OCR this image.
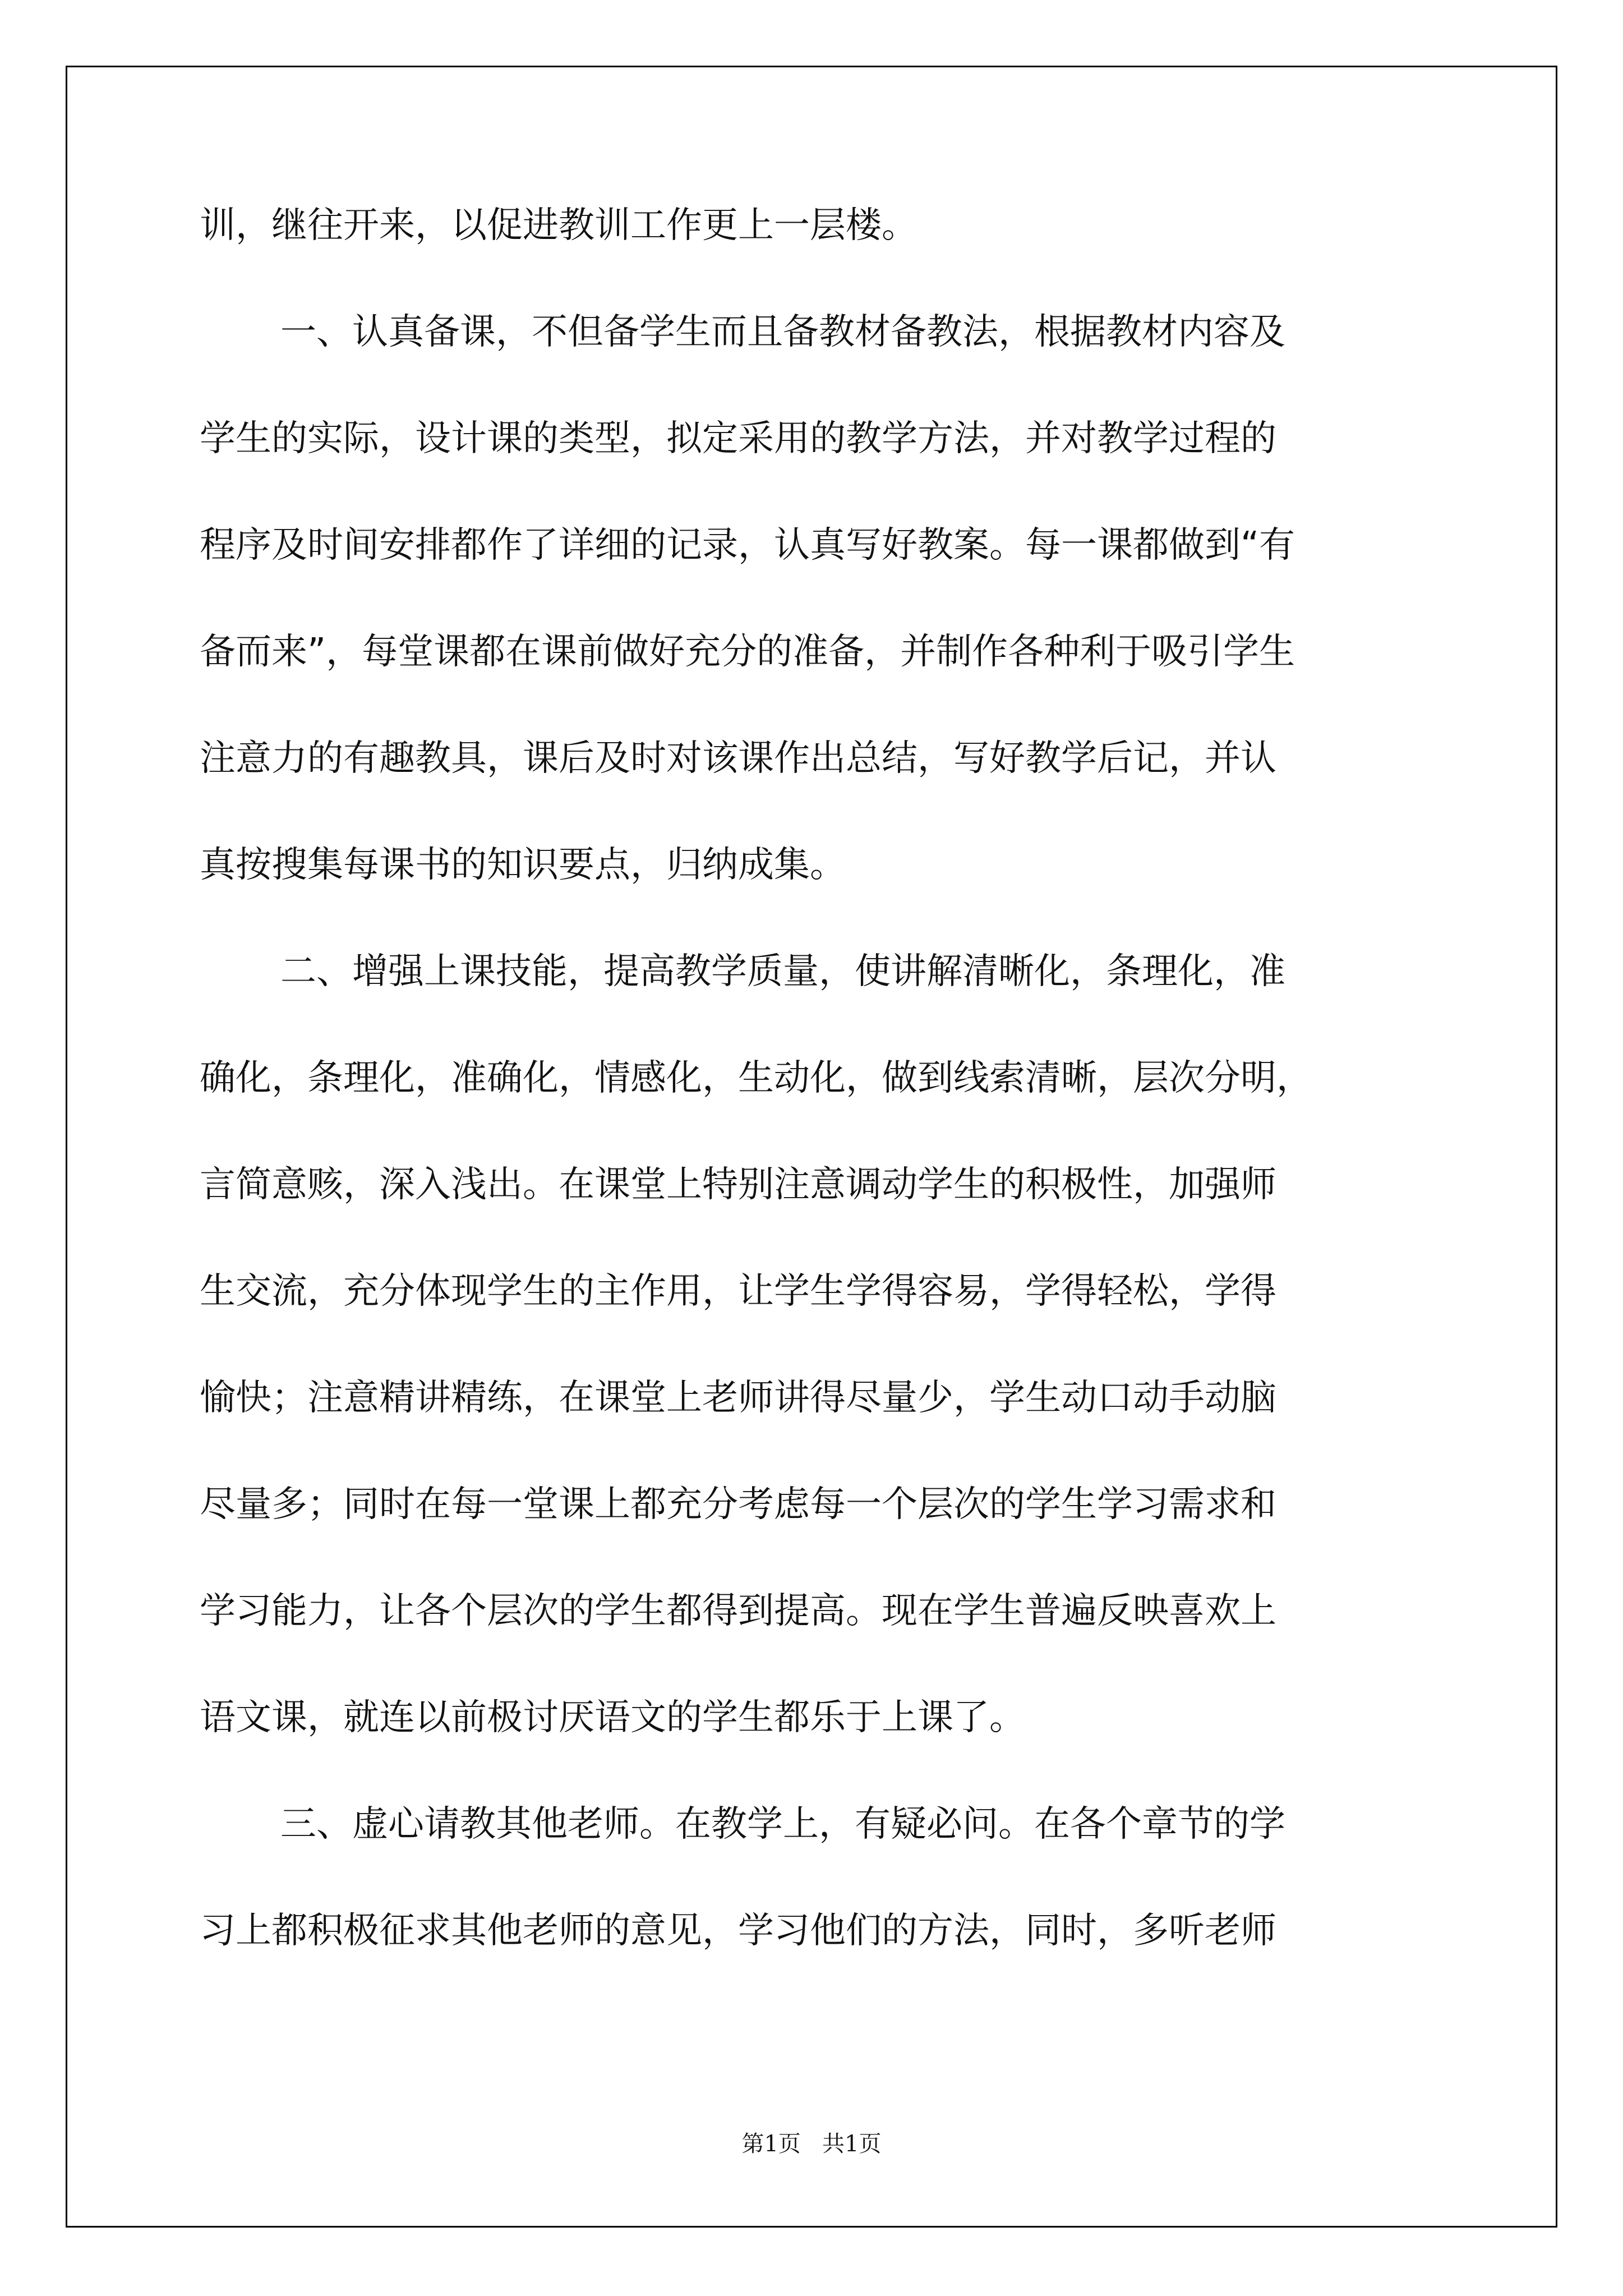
训，继往开来，以促进教训工作更上一层楼。

一、认真备课，不但备学生而且备教材备教法，根据教材内容及

学生的实际，设计课的类型，拟定采用的教学方法，并对教学过程的

程序及时间安排都作了详细的记录，认真写好教案。每一课都做到“有

备而来”，每堂课都在课前做好充分的准备，并制作各种利于吸引学生

注意力的有趣教具，课后及时对该课作出总结，写好教学后记，并认

真按搜集每课书的知识要点，归纳成集。

二、增强上课技能，提高教学质量，使讲解清晰化，条理化，准

确化，条理化，准确化，情感化，生动化，做到线索清晰，层次分明，

言简意赅，深入浅出。在课堂上特别注意调动学生的积极性，加强师

生交流，充分体现学生的主作用，让学生学得容易，学得轻松，学得

愉快；注意精讲精练，在课堂上老师讲得尽量少，学生动口动手动脑

尽量多；同时在每一堂课上都充分考虑每一个层次的学生学习需求和

学习能力，让各个层次的学生都得到提高。现在学生普遍反映喜欢上

语文课，就连以前极讨厌语文的学生都乐于上课了。

三、虚心请教其他老师。在教学上，有疑必问。在各个章节的学

习上都积极征求其他老师的意见，学习他们的方法，同时，多听老师

第1页   共1页
